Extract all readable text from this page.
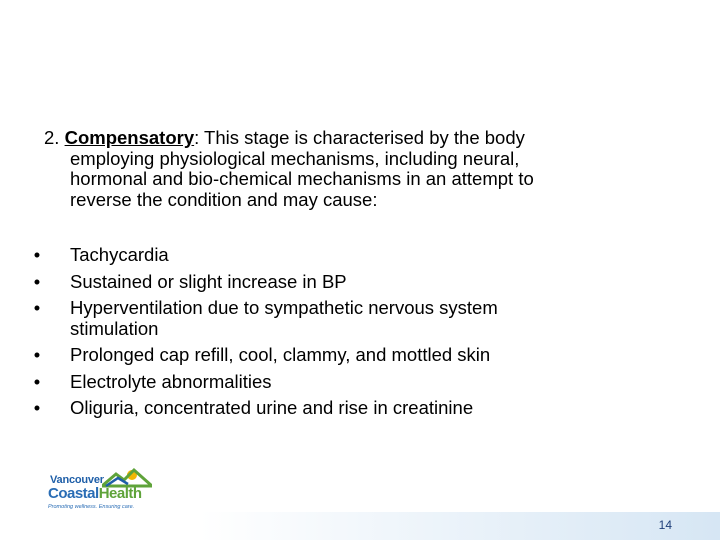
2. Compensatory: This stage is characterised by the body
employing physiological mechanisms, including neural,
hormonal and bio-chemical mechanisms in an attempt to
reverse the condition and may cause:
• Tachycardia
• Sustained or slight increase in BP
• Hyperventilation due to sympathetic nervous system
stimulation
• Prolonged cap refill, cool, clammy, and mottled skin
• Electrolyte abnormalities
• Oliguria, concentrated urine and rise in creatinine
Vancouver
CoastalHealth
Promoting wellness. Ensuring care.
14
